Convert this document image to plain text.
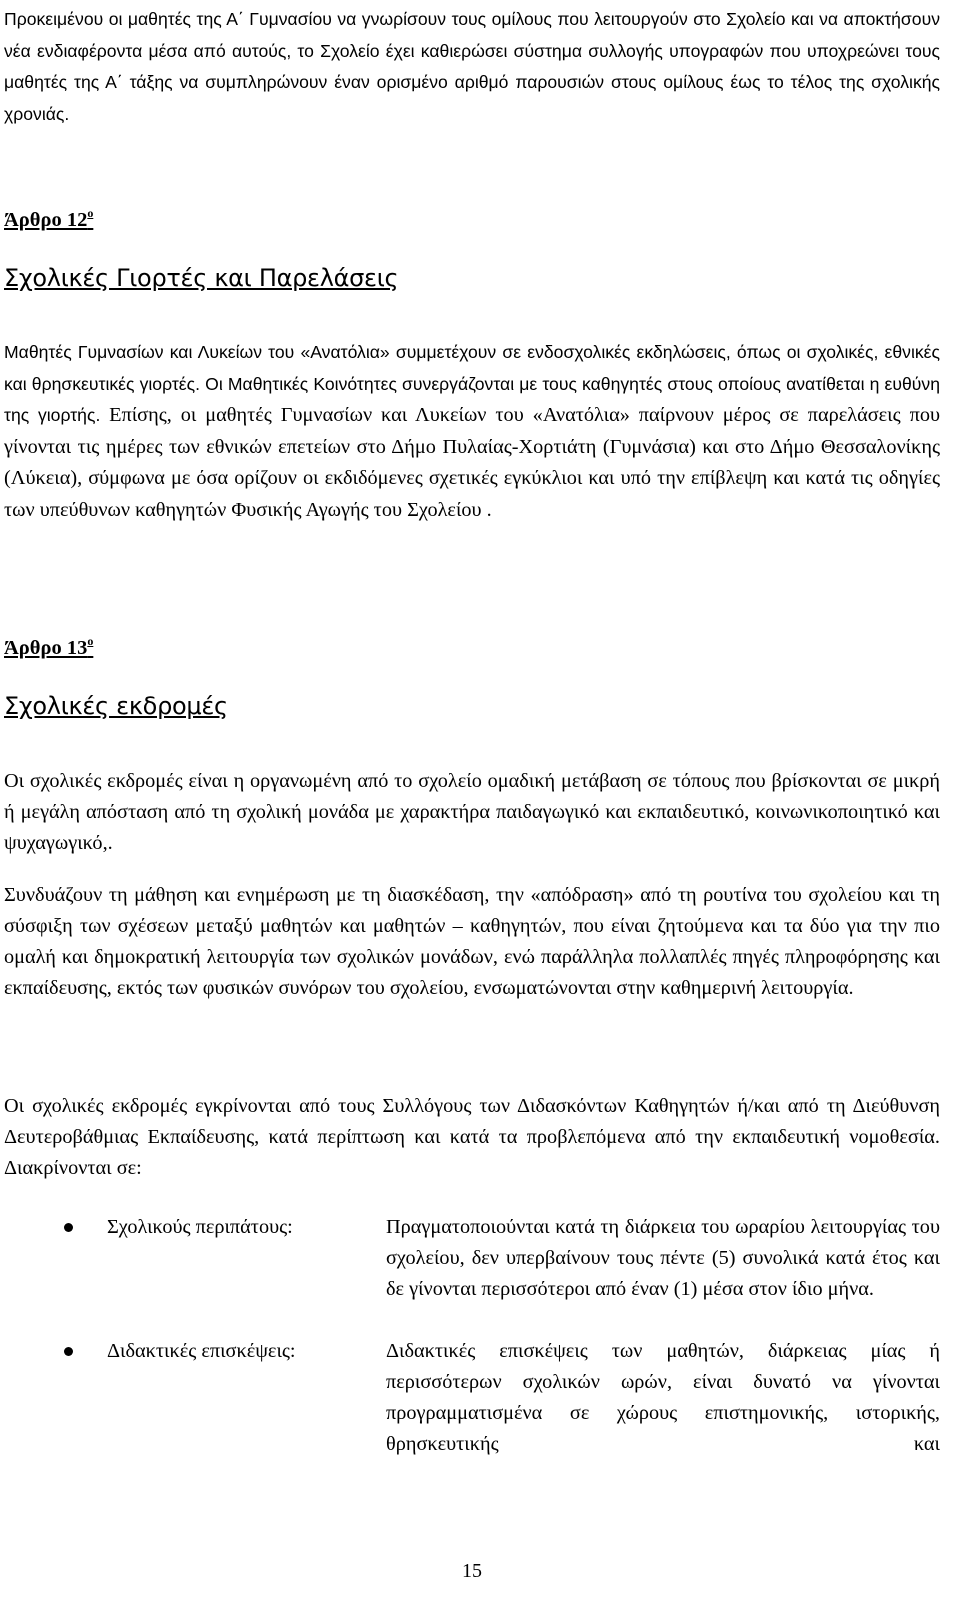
Προκειμένου οι μαθητές της Α΄ Γυμνασίου να γνωρίσουν τους ομίλους που λειτουργούν στο Σχολείο και να αποκτήσουν νέα ενδιαφέροντα μέσα από αυτούς, το Σχολείο έχει καθιερώσει σύστημα συλλογής υπογραφών που υποχρεώνει τους μαθητές της Α΄ τάξης να συμπληρώνουν έναν ορισμένο αριθμό παρουσιών στους ομίλους έως το τέλος της σχολικής χρονιάς.

Άρθρο $12^o$

Σχολικές Γιορτές και Παρελάσεις

Μαθητές Γυμνασίων και Λυκείων του «Ανατόλια» συμμετέχουν σε ενδοσχολικές εκδηλώσεις, όπως οι σχολικές, εθνικές και θρησκευτικές γιορτές. Οι Μαθητικές Κοινότητες συνεργάζονται με τους καθηγητές στους οποίους ανατίθεται η ευθύνη της γιορτής. Επίσης, οι μαθητές Γυμνασίων και Λυκείων του «Ανατόλια» παίρνουν μέρος σε παρελάσεις που γίνονται τις ημέρες των εθνικών επετείων στο Δήμο Πυλαίας-Χορτιάτη (Γυμνάσια) και στο Δήμο Θεσσαλονίκης (Λύκεια), σύμφωνα με όσα ορίζουν οι εκδιδόμενες σχετικές εγκύκλιοι και υπό την επίβλεψη και κατά τις οδηγίες των υπεύθυνων καθηγητών Φυσικής Αγωγής του Σχολείου .

Άρθρο $13^o$

Σχολικές εκδρομές

Οι σχολικές εκδρομές είναι η οργανωμένη από το σχολείο ομαδική μετάβαση σε τόπους που βρίσκονται σε μικρή ή μεγάλη απόσταση από τη σχολική μονάδα με χαρακτήρα παιδαγωγικό και εκπαιδευτικό, κοινωνικοποιητικό και ψυχαγωγικό,.

Συνδυάζουν τη μάθηση και ενημέρωση με τη διασκέδαση, την «απόδραση» από τη ρουτίνα του σχολείου και τη σύσφιξη των σχέσεων μεταξύ μαθητών και μαθητών – καθηγητών, που είναι ζητούμενα και τα δύο για την πιο ομαλή και δημοκρατική λειτουργία των σχολικών μονάδων, ενώ παράλληλα πολλαπλές πηγές πληροφόρησης και εκπαίδευσης, εκτός των φυσικών συνόρων του σχολείου, ενσωματώνονται στην καθημερινή λειτουργία.

Οι σχολικές εκδρομές εγκρίνονται από τους Συλλόγους των Διδασκόντων Καθηγητών ή/και από τη Διεύθυνση Δευτεροβάθμιας Εκπαίδευσης, κατά περίπτωση και κατά τα προβλεπόμενα από την εκπαιδευτική νομοθεσία. Διακρίνονται σε:

Σχολικούς περιπάτους:	Πραγματοποιούνται κατά τη διάρκεια του ωραρίου λειτουργίας του σχολείου, δεν υπερβαίνουν τους πέντε (5) συνολικά κατά έτος και δε γίνονται περισσότεροι από έναν (1) μέσα στον ίδιο μήνα.

Διδακτικές επισκέψεις:	Διδακτικές επισκέψεις των μαθητών, διάρκειας μίας ή περισσότερων σχολικών ωρών, είναι δυνατό να γίνονται προγραμματισμένα σε χώρους επιστημονικής, ιστορικής, θρησκευτικής και

15
